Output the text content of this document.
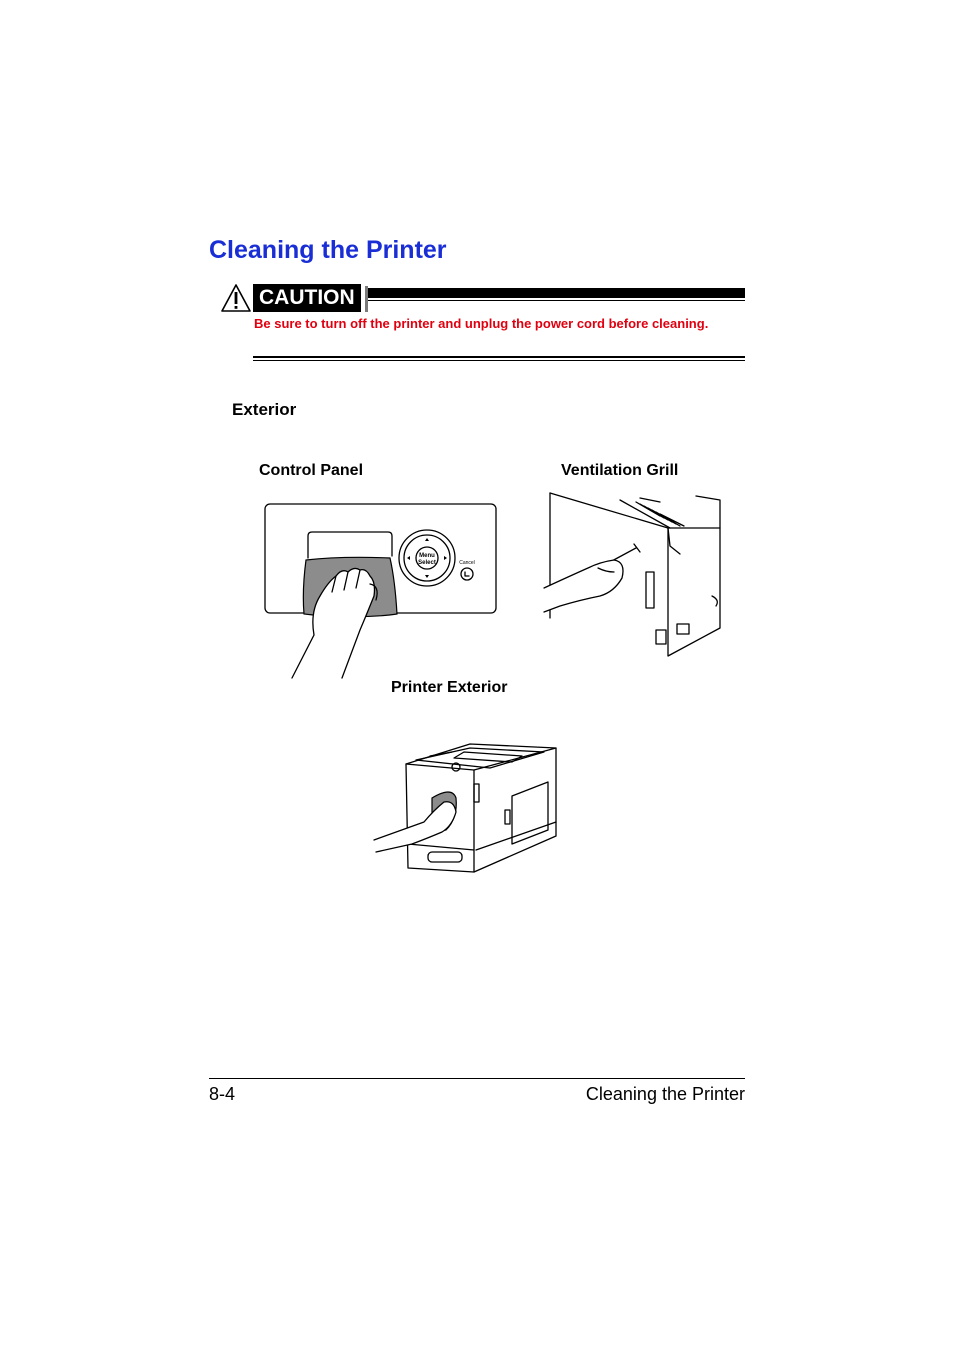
Cleaning the Printer
CAUTION
Be sure to turn off the printer and unplug the power cord before cleaning.
Exterior
Control Panel	Ventilation Grill
Printer Exterior
Menu
Select	Cancel
8-4	Cleaning the Printer
